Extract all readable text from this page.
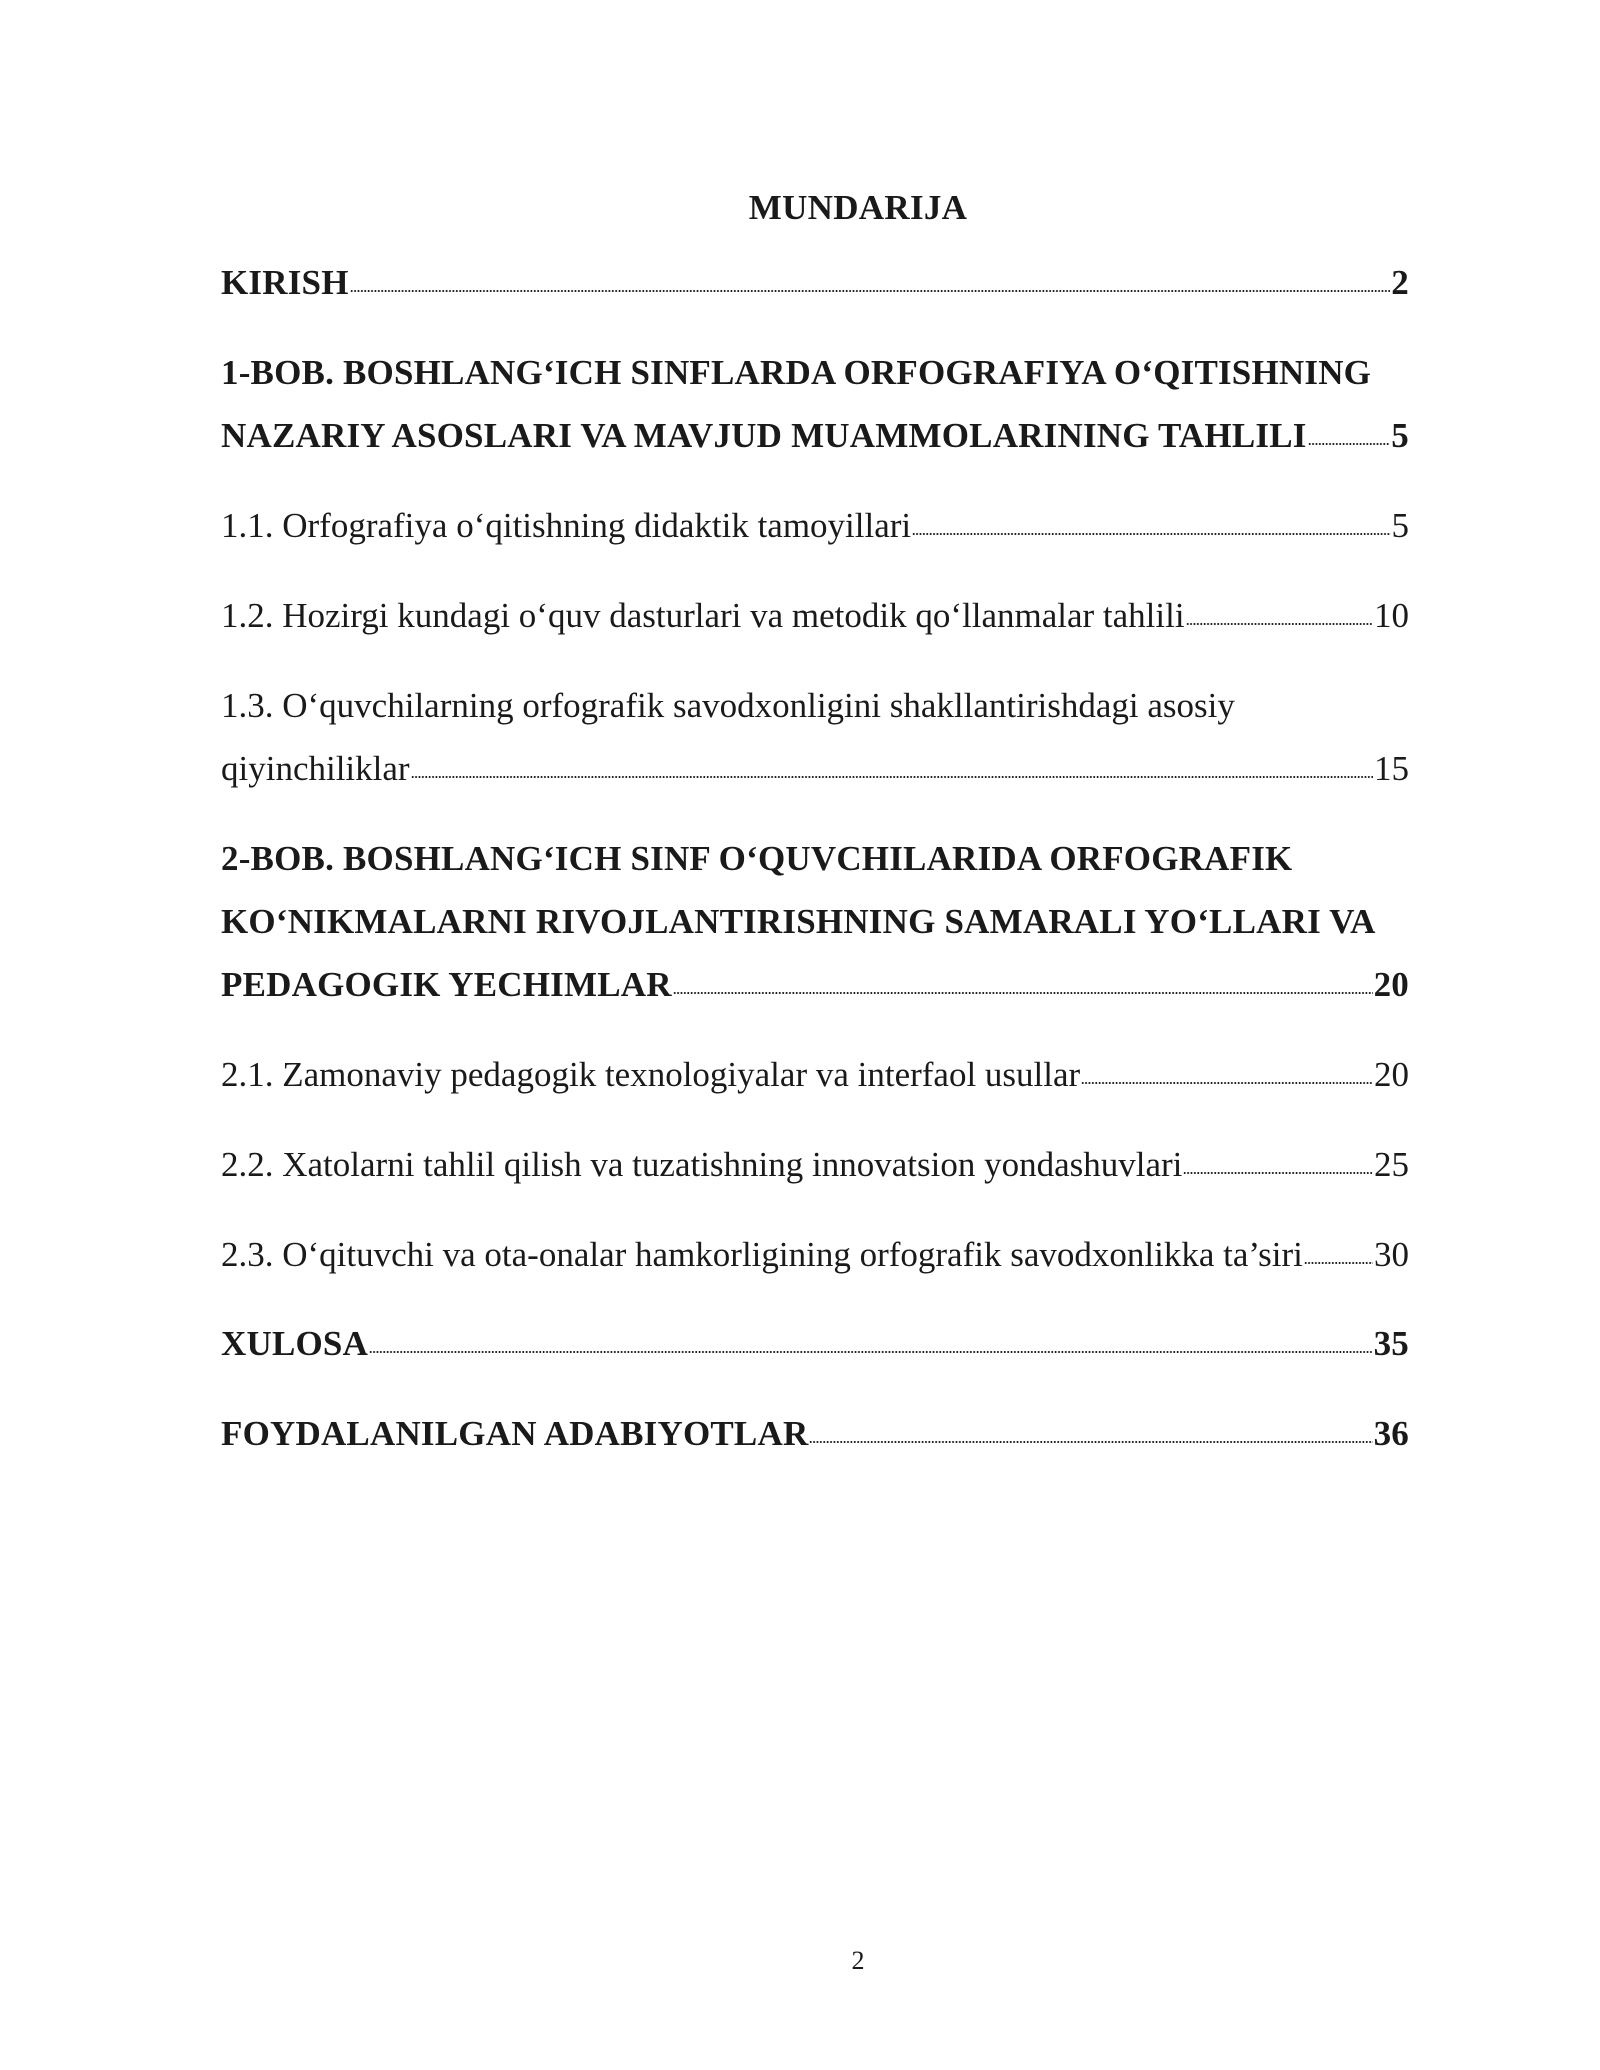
MUNDARIJA
KIRISH	2
1-BOB. BOSHLANG‘ICH SINFLARDA ORFOGRAFIYA O‘QITISHNING
NAZARIY ASOSLARI VA MAVJUD MUAMMOLARINING TAHLILI 5
1.1. Orfografiya o‘qitishning didaktik tamoyillari	5
1.2. Hozirgi kundagi o‘quv dasturlari va metodik qo‘llanmalar tahlili	10
1.3. O‘quvchilarning orfografik savodxonligini shakllantirishdagi asosiy
qiyinchiliklar	15
2-BOB. BOSHLANG‘ICH SINF O‘QUVCHILARIDA ORFOGRAFIK
KO‘NIKMALARNI RIVOJLANTIRISHNING SAMARALI YO‘LLARI VA
PEDAGOGIK YECHIMLAR	20
2.1. Zamonaviy pedagogik texnologiyalar va interfaol usullar	20
2.2. Xatolarni tahlil qilish va tuzatishning innovatsion yondashuvlari	25
2.3. O‘qituvchi va ota-onalar hamkorligining orfografik savodxonlikka ta’siri 30
XULOSA	35
FOYDALANILGAN ADABIYOTLAR	36
2
